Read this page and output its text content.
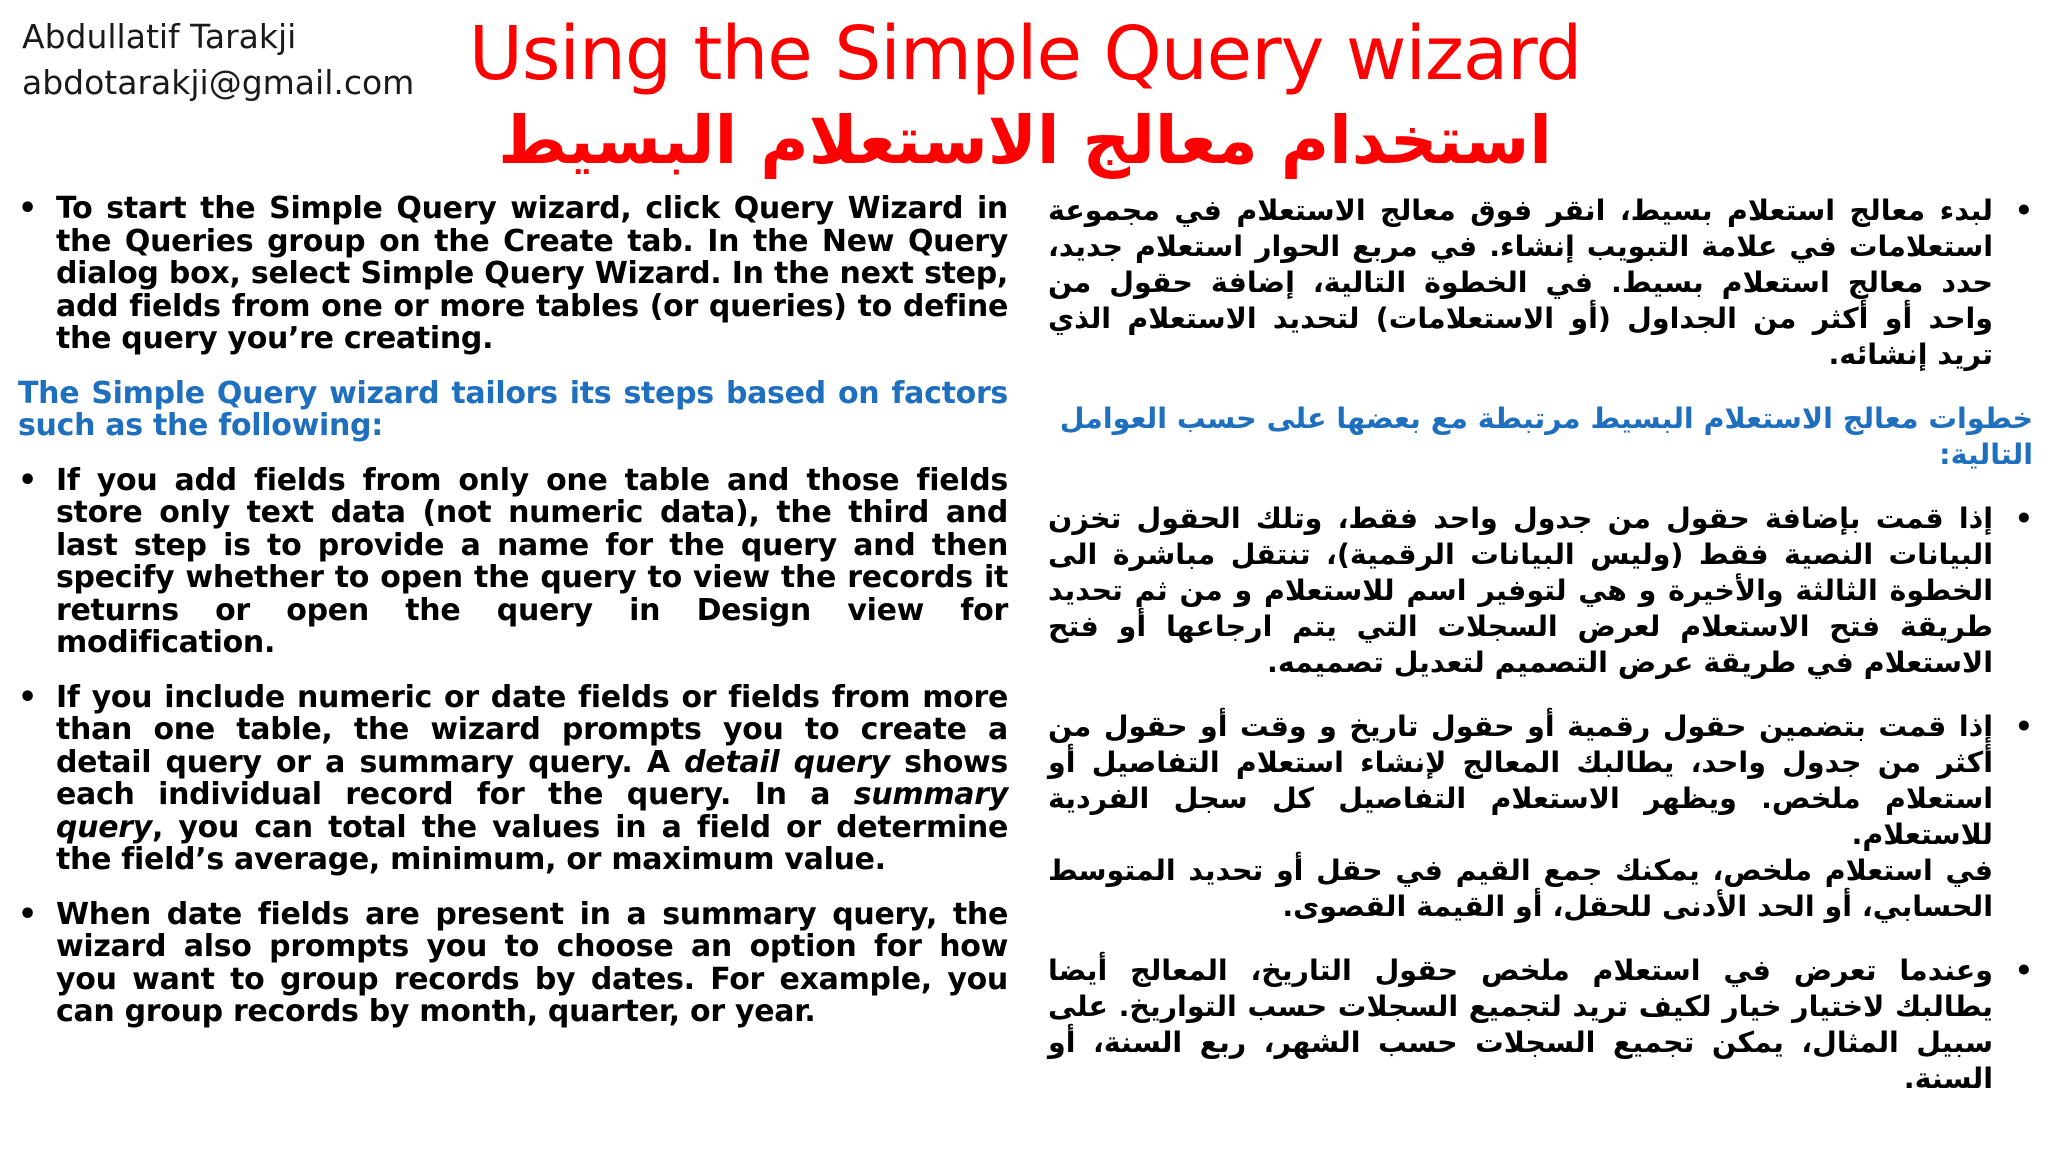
Abdullatif Tarakji
abdotarakji@gmail.com Using the Simple Query wizard
استخدام معالج الاستعلام البسيط
• To start the Simple Query wizard, click Query Wizard in the Queries group on the Create tab. In the New Query dialog box, select Simple Query Wizard. In the next step, add fields from one or more tables (or queries) to define the query you’re creating.
The Simple Query wizard tailors its steps based on factors such as the following:
• If you add fields from only one table and those fields store only text data (not numeric data), the third and last step is to provide a name for the query and then specify whether to open the query to view the records it returns or open the query in Design view for modification.
• If you include numeric or date fields or fields from more than one table, the wizard prompts you to create a detail query or a summary query. A detail query shows each individual record for the query. In a summary query, you can total the values in a field or determine the field’s average, minimum, or maximum value.
• When date fields are present in a summary query, the wizard also prompts you to choose an option for how you want to group records by dates. For example, you can group records by month, quarter, or year.
• لبدء معالج استعلام بسيط، انقر فوق معالج الاستعلام في مجموعة استعلامات في علامة التبويب إنشاء. في مربع الحوار استعلام جديد، حدد معالج استعلام بسيط. في الخطوة التالية، إضافة حقول من واحد أو أكثر من الجداول (أو الاستعلامات) لتحديد الاستعلام الذي تريد إنشائه.
خطوات معالج الاستعلام البسيط مرتبطة مع بعضها على حسب العوامل التالية:
• إذا قمت بإضافة حقول من جدول واحد فقط، وتلك الحقول تخزن البيانات النصية فقط (وليس البيانات الرقمية)، تنتقل مباشرة الى الخطوة الثالثة والأخيرة و هي لتوفير اسم للاستعلام و من ثم تحديد طريقة فتح الاستعلام لعرض السجلات التي يتم ارجاعها أو فتح الاستعلام في طريقة عرض التصميم لتعديل تصميمه.
• إذا قمت بتضمين حقول رقمية أو حقول تاريخ و وقت أو حقول من أكثر من جدول واحد، يطالبك المعالج لإنشاء استعلام التفاصيل أو استعلام ملخص. ويظهر الاستعلام التفاصيل كل سجل الفردية للاستعلام.
في استعلام ملخص، يمكنك جمع القيم في حقل أو تحديد المتوسط الحسابي، أو الحد الأدنى للحقل، أو القيمة القصوى.
• وعندما تعرض في استعلام ملخص حقول التاريخ، المعالج أيضا يطالبك لاختيار خيار لكيف تريد لتجميع السجلات حسب التواريخ. على سبيل المثال، يمكن تجميع السجلات حسب الشهر، ربع السنة، أو السنة.
